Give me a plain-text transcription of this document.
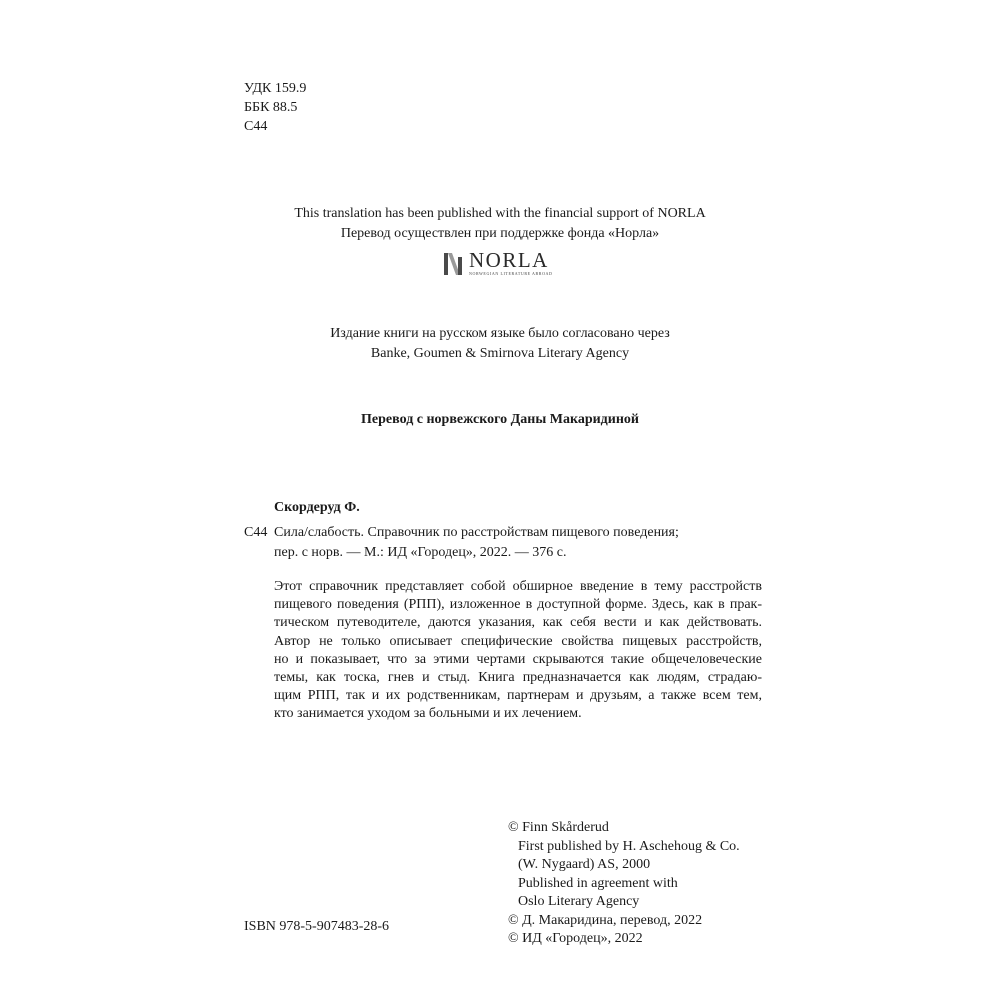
УДК 159.9
ББК 88.5
С44
This translation has been published with the financial support of NORLA
Перевод осуществлен при поддержке фонда «Норла»
NORLA
NORWEGIAN LITERATURE ABROAD
Издание книги на русском языке было согласовано через
Banke, Goumen & Smirnova Literary Agency
Перевод с норвежского Даны Макаридиной
Скордеруд Ф.
С44 Сила/слабость. Справочник по расстройствам пищевого поведения;
пер. с норв. — М.: ИД «Городец», 2022. — 376 с.
Этот справочник представляет собой обширное введение в тему расстройств
пищевого поведения (РПП), изложенное в доступной форме. Здесь, как в прак-
тическом путеводителе, даются указания, как себя вести и как действовать.
Автор не только описывает специфические свойства пищевых расстройств,
но и показывает, что за этими чертами скрываются такие общечеловеческие
темы, как тоска, гнев и стыд. Книга предназначается как людям, страдаю-
щим РПП, так и их родственникам, партнерам и друзьям, а также всем тем,
кто занимается уходом за больными и их лечением.
ISBN 978-5-907483-28-6
© Finn Skårderud
First published by H. Aschehoug & Co.
(W. Nygaard) AS, 2000
Published in agreement with
Oslo Literary Agency
© Д. Макаридина, перевод, 2022
© ИД «Городец», 2022
